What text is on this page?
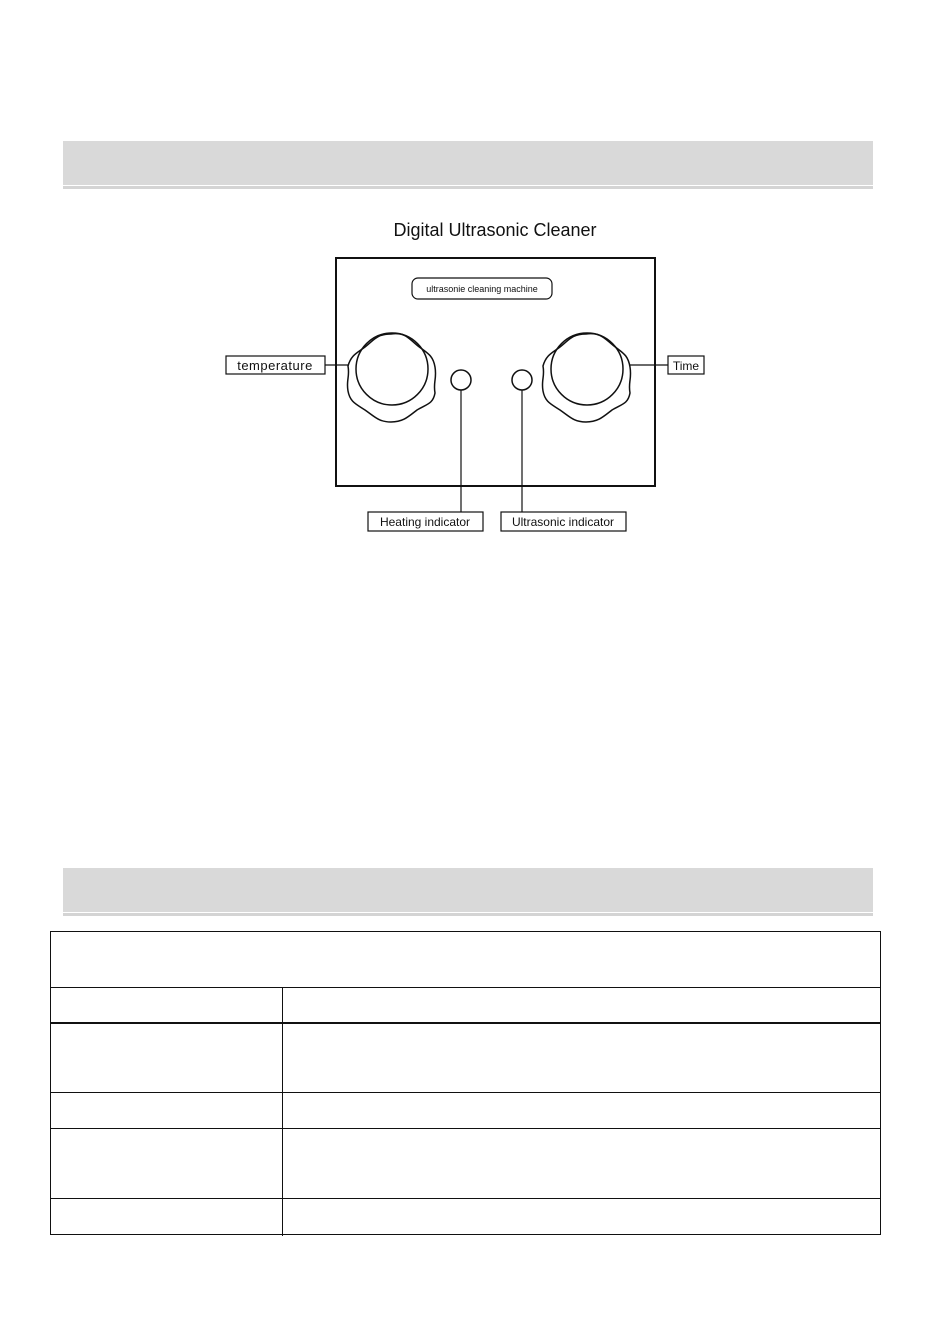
Digital Ultrasonic Cleaner
ultrasonie cleaning machine
temperature	Time
Heating indicator	Ultrasonic indicator
